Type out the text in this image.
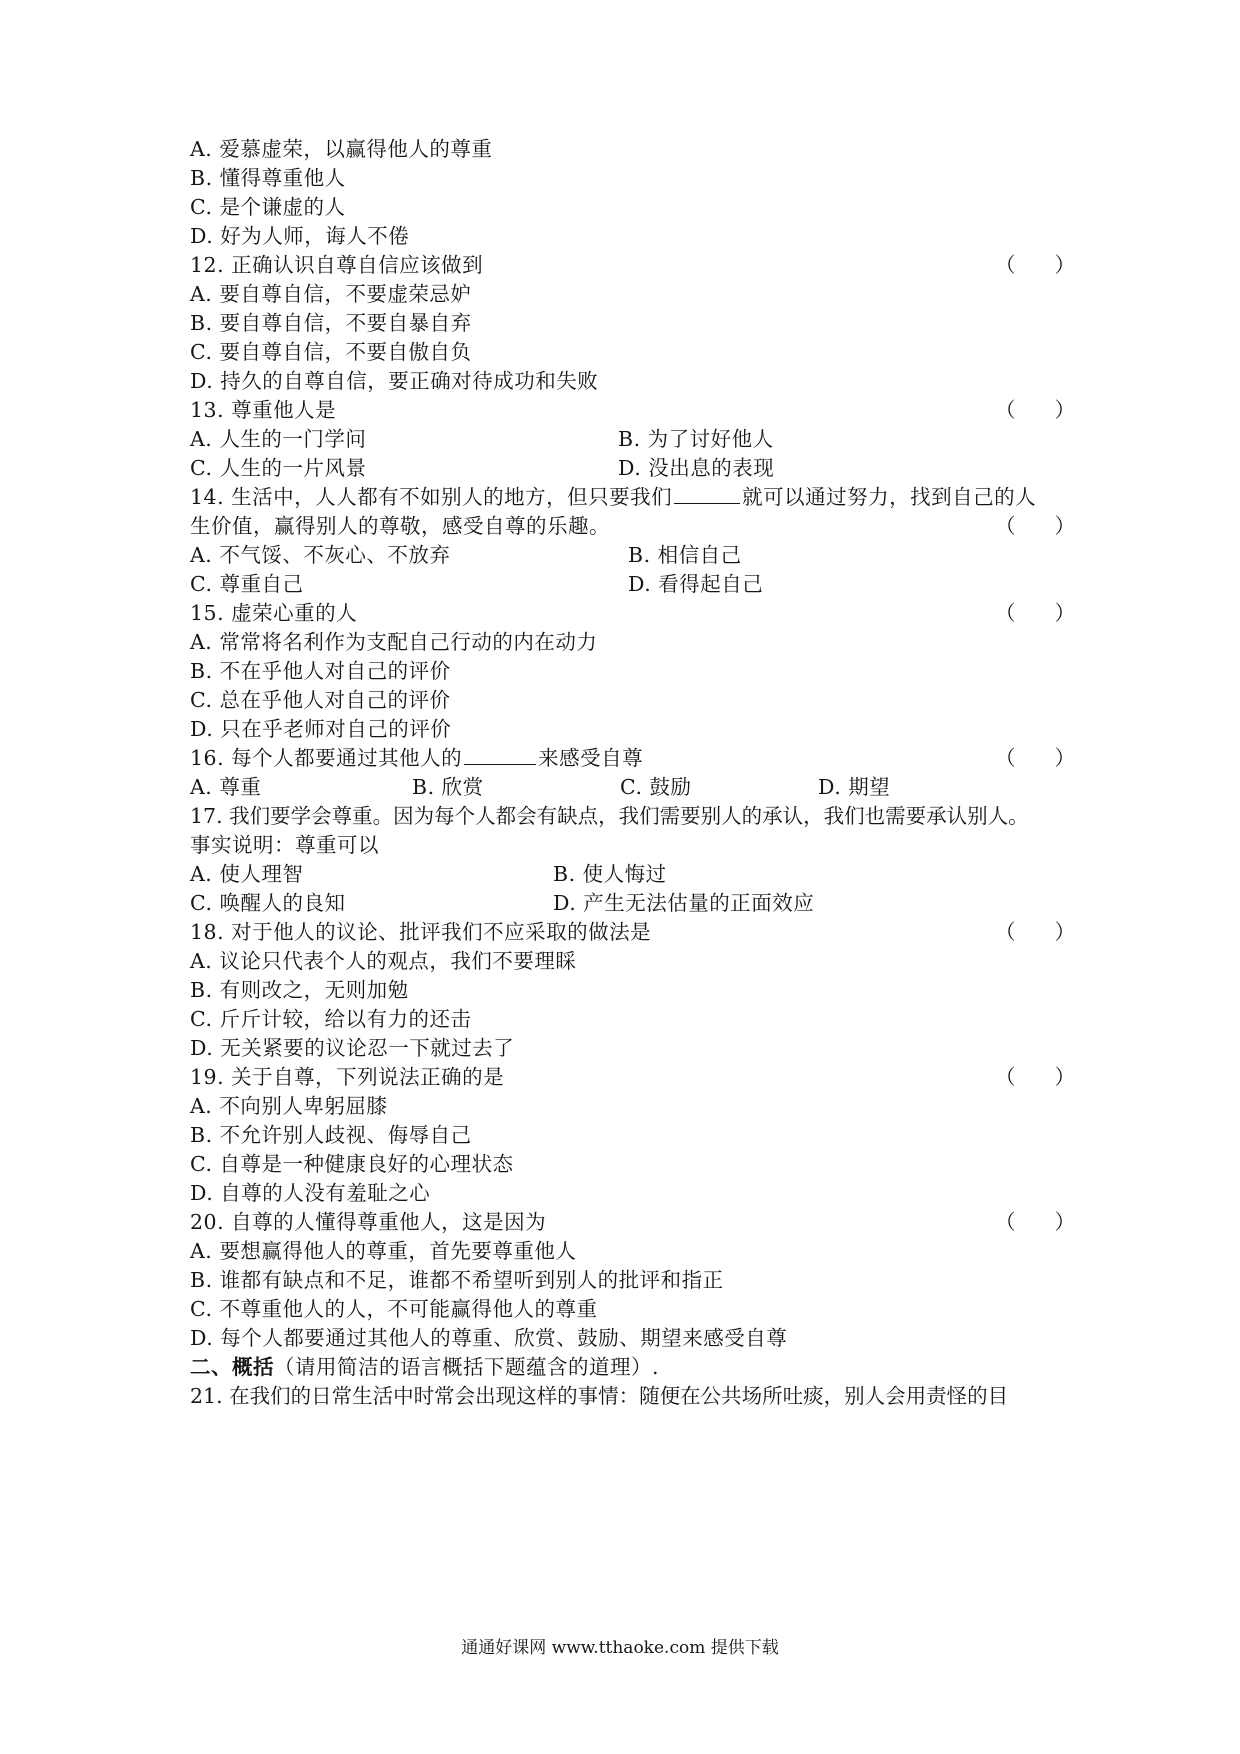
A. 爱慕虚荣，以赢得他人的尊重
B. 懂得尊重他人
C. 是个谦虚的人
D. 好为人师，诲人不倦
12. 正确认识自尊自信应该做到	（      ）
A. 要自尊自信，不要虚荣忌妒
B. 要自尊自信，不要自暴自弃
C. 要自尊自信，不要自傲自负
D. 持久的自尊自信，要正确对待成功和失败
13. 尊重他人是	（      ）
A. 人生的一门学问	B. 为了讨好他人
C. 人生的一片风景	D. 没出息的表现
14. 生活中，人人都有不如别人的地方，但只要我们	就可以通过努力，找到自己的人
生价值，赢得别人的尊敬，感受自尊的乐趣。	（      ）
A. 不气馁、不灰心、不放弃	B. 相信自己
C. 尊重自己	D. 看得起自己
15. 虚荣心重的人	（      ）
A. 常常将名利作为支配自己行动的内在动力
B. 不在乎他人对自己的评价
C. 总在乎他人对自己的评价
D. 只在乎老师对自己的评价
16. 每个人都要通过其他人的	来感受自尊	（      ）
A. 尊重	B. 欣赏	C. 鼓励	D. 期望
17. 我们要学会尊重。因为每个人都会有缺点，我们需要别人的承认，我们也需要承认别人。
事实说明：尊重可以
A. 使人理智	B. 使人悔过
C. 唤醒人的良知	D. 产生无法估量的正面效应
18. 对于他人的议论、批评我们不应采取的做法是	（      ）
A. 议论只代表个人的观点，我们不要理睬
B. 有则改之，无则加勉
C. 斤斤计较，给以有力的还击
D. 无关紧要的议论忍一下就过去了
19. 关于自尊，下列说法正确的是	（      ）
A. 不向别人卑躬屈膝
B. 不允许别人歧视、侮辱自己
C. 自尊是一种健康良好的心理状态
D. 自尊的人没有羞耻之心
20. 自尊的人懂得尊重他人，这是因为	（      ）
A. 要想赢得他人的尊重，首先要尊重他人
B. 谁都有缺点和不足，谁都不希望听到别人的批评和指正
C. 不尊重他人的人，不可能赢得他人的尊重
D. 每个人都要通过其他人的尊重、欣赏、鼓励、期望来感受自尊
二、概括（请用简洁的语言概括下题蕴含的道理）.
21. 在我们的日常生活中时常会出现这样的事情：随便在公共场所吐痰，别人会用责怪的目
通通好课网 www.tthaoke.com 提供下载
